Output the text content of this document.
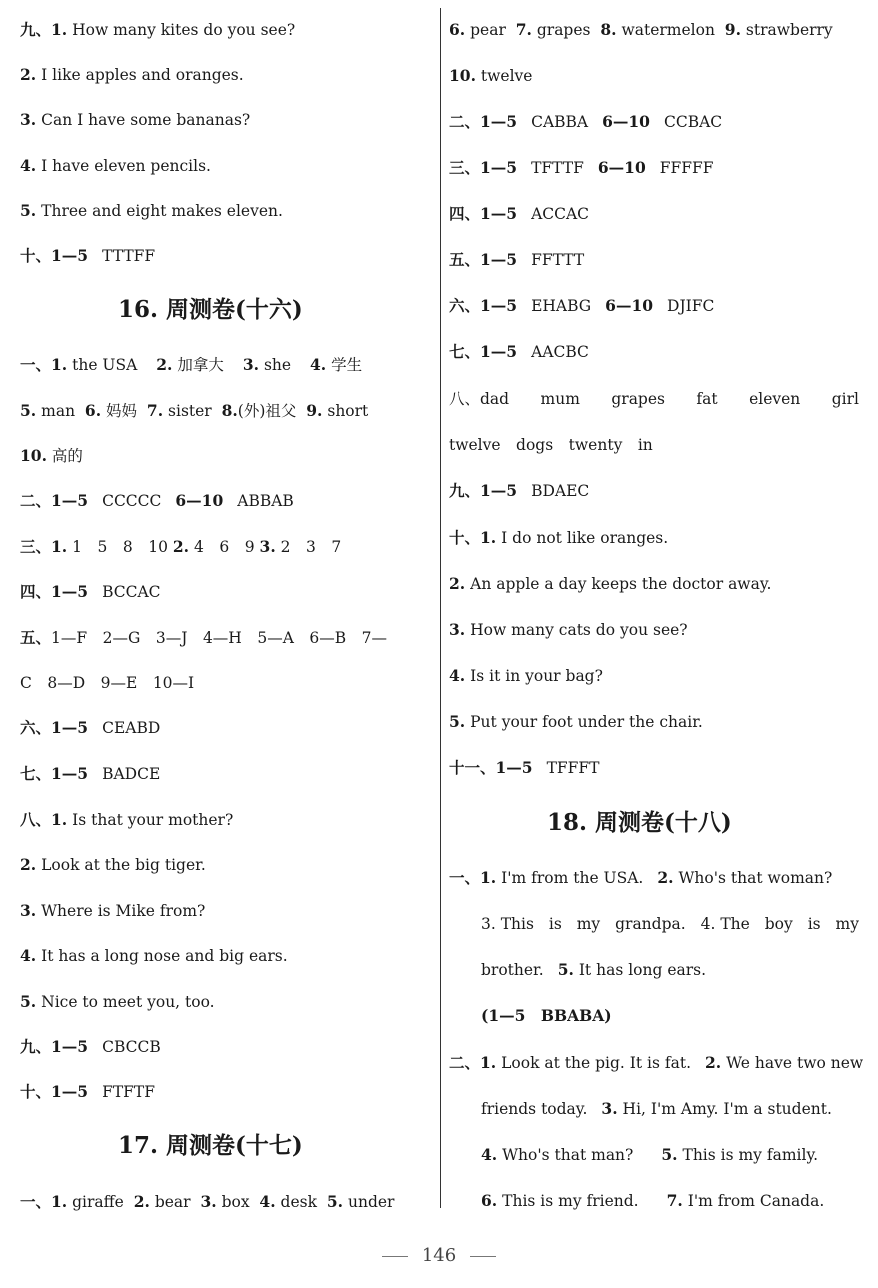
九、1. How many kites do you see?
2. I like apples and oranges.
3. Can I have some bananas?
4. I have eleven pencils.
5. Three and eight makes eleven.
十、1—5 TTTFF
16. 周测卷(十六)
一、1. the USA 2. 加拿大 3. she 4. 学生
5. man 6. 妈妈 7. sister 8.(外)祖父 9. short
10. 高的
二、1—5 CCCCC 6—10 ABBAB
三、1. 1　5　8　10 2. 4　6　9 3. 2　3　7
四、1—5 BCCAC
五、1—F　2—G　3—J　4—H　5—A　6—B　7—
C　8—D　9—E　10—I
六、1—5 CEABD
七、1—5 BADCE
八、1. Is that your mother?
2. Look at the big tiger.
3. Where is Mike from?
4. It has a long nose and big ears.
5. Nice to meet you, too.
九、1—5 CBCCB
十、1—5 FTFTF
17. 周测卷(十七)
一、1. giraffe 2. bear 3. box 4. desk 5. under
6. pear 7. grapes 8. watermelon 9. strawberry
10. twelve
二、1—5 CABBA 6—10 CCBAC
三、1—5 TFTTF 6—10 FFFFF
四、1—5 ACCAC
五、1—5 FFTTT
六、1—5 EHABG 6—10 DJIFC
七、1—5 AACBC
八、dad mum grapes fat eleven girl
twelve　dogs　twenty　in
九、1—5 BDAEC
十、1. I do not like oranges.
2. An apple a day keeps the doctor away.
3. How many cats do you see?
4. Is it in your bag?
5. Put your foot under the chair.
十一、1—5 TFFFT
18. 周测卷(十八)
一、1. I'm from the USA. 2. Who's that woman?
3. This is my grandpa. 4. The boy is my
brother. 5. It has long ears.
(1—5　BBABA)
二、1. Look at the pig. It is fat. 2. We have two new
friends today. 3. Hi, I'm Amy. I'm a student.
4. Who's that man? 5. This is my family.
6. This is my friend. 7. I'm from Canada.
146
